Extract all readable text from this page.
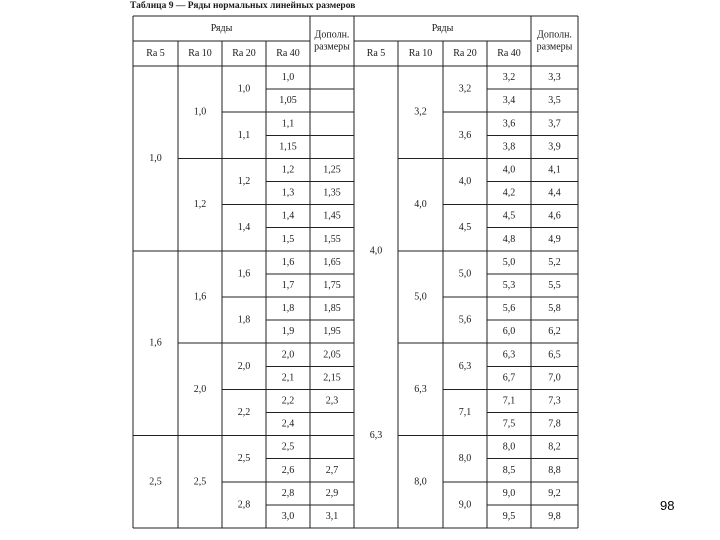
Таблица 9 — Ряды нормальных линейных размеров
Ряды
Ra 5 Ra 10 Ra 20 Ra 40
Дополн.
размеры
Ряды
Ra 5 Ra 10 Ra 20 Ra 40
Дополн.
размеры
1,0
1,05
1,1
1,15
1,2
1,3
1,4
1,5
1,6
1,7
1,8
1,9
2,0
2,1
2,2
2,4
2,5
2,6
2,8
3,0
1,25
1,35
1,45
1,55
1,65
1,75
1,85
1,95
2,05
2,15
2,3
2,7
2,9
3,1
1,0
1,1
1,2
1,4
1,6
1,8
2,0
2,2
2,5
2,8
1,0
1,2
1,6
2,0
2,5
3,2
3,4
3,6
3,8
4,0
4,2
4,5
4,8
5,0
5,3
5,6
6,0
6,3
6,7
7,1
7,5
8,0
8,5
9,0
9,5
3,3
3,5
3,7
3,9
4,1
4,4
4,6
4,9
5,2
5,5
5,8
6,2
6,5
7,0
7,3
7,8
8,2
8,8
9,2
9,8
3,2
3,6
4,0
4,5
5,0
5,6
6,3
7,1
8,0
9,0
3,2
4,0
5,0
6,3
8,0
1,0
1,6
2,5
4,0
6,3
98
